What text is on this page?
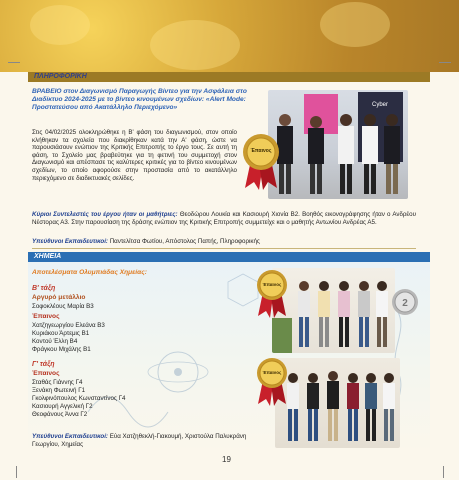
ΠΛΗΡΟΦΟΡΙΚΗ
ΒΡΑΒΕΙΟ στον Διαγωνισμό Παραγωγής Βίντεο για την Ασφάλεια στο Διαδίκτυο 2024-2025 με το βίντεο κινουμένων σχεδίων: «Alert Mode: Προστατεύσου από Ακατάλληλο Περιεχόμενο»
Στις 04/02/2025 ολοκληρώθηκε η Β' φάση του διαγωνισμού, στον οποίο κλήθηκαν τα σχολεία που διακρίθηκαν κατά την Α' φάση, ώστε να παρουσιάσουν ενώπιον της Κριτικής Επιτροπής το έργο τους. Σε αυτή τη φάση, το Σχολείο μας βραβεύτηκε για τη φετινή του συμμετοχή στον Διαγωνισμό και απέσπασε τις καλύτερες κριτικές για το βίντεο κινουμένων σχεδίων, το οποίο αφορούσε στην προστασία από το ακατάλληλο περιεχόμενο σε διαδικτυακές σελίδες.
Cyber
Έπαινος
Κύριοι Συντελεστές του έργου ήταν οι μαθήτριες: Θεοδώρου Λουκία και Κασιουρή Χιονία Β2. Βοηθός εικονογράφησης ήταν ο Ανδρέου Νέστορας Α3. Στην παρουσίαση της δράσης ενώπιον της Κριτικής Επιτροπής συμμετείχε και ο μαθητής Αντωνίου Ανδρέας Α5.
Υπεύθυνοι Εκπαιδευτικοί: Παντελίτσα Φωτίου, Απόστολος Παπής, Πληροφορικής
ΧΗΜΕΙΑ
Αποτελέσματα Ολυμπιάδας Χημείας:
Β' τάξη
Αργυρό μετάλλιο
Σοφοκλέους Μαρία Β3
Έπαινος
Χατζηγεωργίου Ελεάνα Β3
Κυριάκου Άρτεμις Β1
Κοντού Έλλη Β4
Φράγκου Μιχάλης Β1
Γ' τάξη
Έπαινος
Σταθάς Γιάννης Γ4
Ξενάκη Φωτεινή Γ1
Γκολφινόπουλος Κωνσταντίνος Γ4
Κασιουρή Αγγελική Γ2
Θεοφάνους Άννα Γ2
Έπαινος
2
Έπαινος
Υπεύθυνοι Εκπαιδευτικοί: Εύα Χατζηθεκλή-Γιακουμή, Χριστούλα Παλυκράνη Γεωργίου, Χημείας
19
